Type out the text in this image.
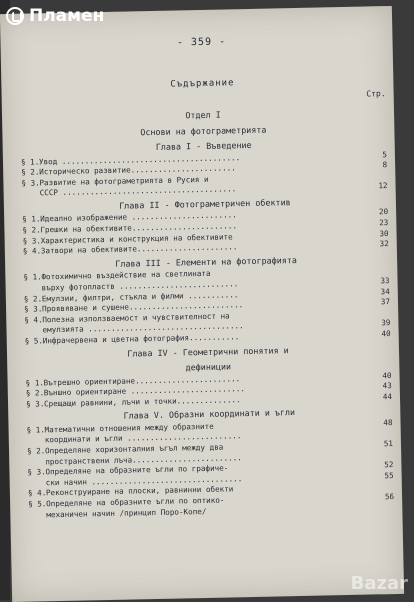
- 359 -
Съдържание
Стр.
Отдел I
Основи на фотограметрията
Глава I - Въведение
§ 1. Увод .......................................	5
§ 2. Историческо развитие.......................	8
§ 3. Развитие на фотограметрията в Русия и
СССР ......................................	12
Глава II - Фотограметричен обектив
§ 1. Идеално изображение .......................	20
§ 2. Грешки на обективите.......................	23
§ 3. Характеристика и конструкция на обективите	30
§ 4. Затвори на обективите......................	32
Глава III - Елементи на фотографията
§ 1. Фотохимично въздействие на светлината
върху фотопластв ..........................	33
§ 2. Емулзии, филтри, стъкла и филми ...........	34
§ 3. Проявяване и сушене.........................	37
§ 4. Полезна използваемост и чувствителност на
емулзиятa ..................................	39
§ 5. Инфрачервена и цветна фотография...........	40
Глава IV - Геометрични понятия и
дефиниции
§ 1. Вътрешно ориентиране.......................	40
§ 2. Външно ориентиране .........................	43
§ 3. Срещащи равнини, лъчи и точки..............	44
Глава V. Образни координати и ъгли
§ 1. Математични отношения между образните	48
координати и ъгли .........................
§ 2. Определяне хоризонталния ъгъл между два	51
пространствени лъча........................
§ 3. Определяне на образните ъгли по графиче-	52
ски начин .................................	55
§ 4. Реконструиране на плоски, равнинни обекти
§ 5. Определяне на образните ъгли по оптико-	56
механичен начин /принцип Поро-Копе/
Пламен
Bazar
